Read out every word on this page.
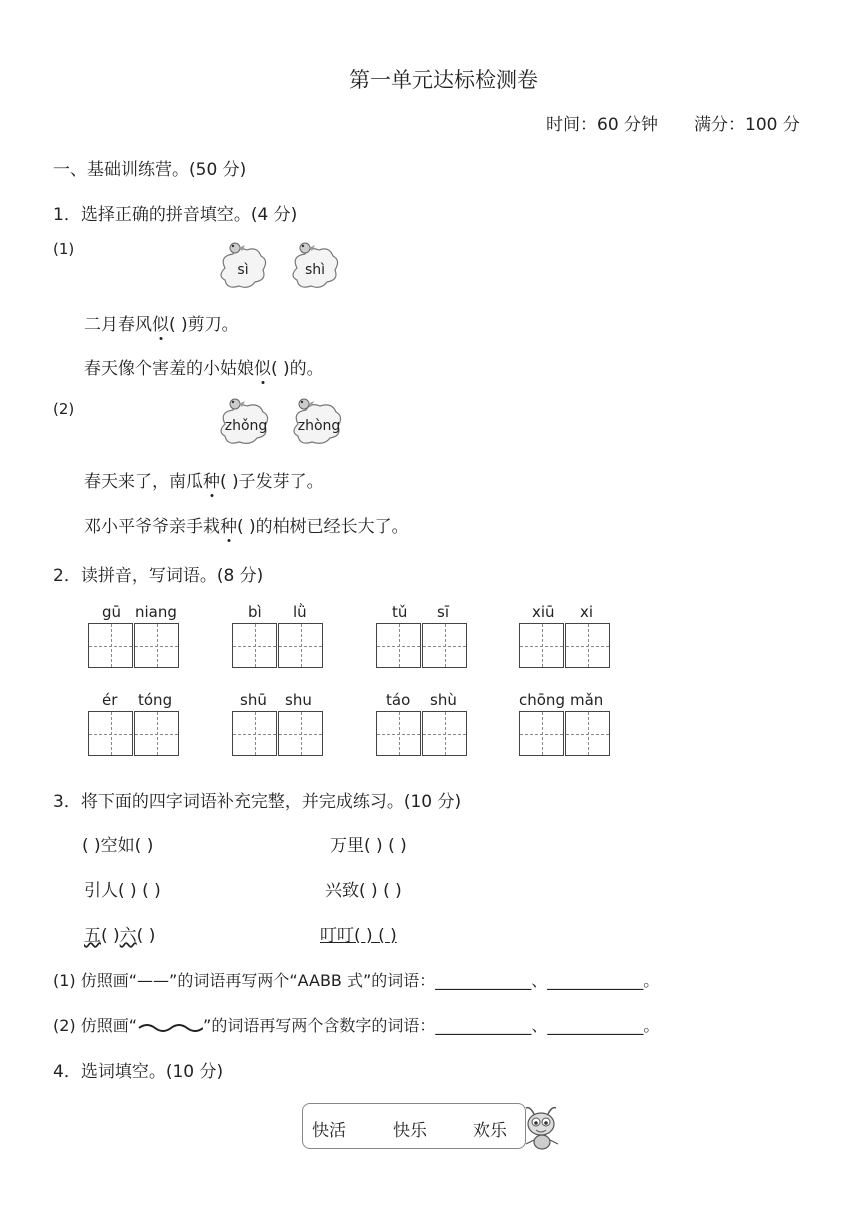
第一单元达标检测卷
时间：60 分钟 满分：100 分
一、基础训练营。(50 分)
1．选择正确的拼音填空。(4 分)
(1)
sì	shì
二月春风似( )剪刀。
春天像个害羞的小姑娘似( )的。
(2)
zhǒng	zhòng
春天来了，南瓜种( )子发芽了。
邓小平爷爷亲手栽种( )的柏树已经长大了。
2．读拼音，写词语。(8 分)
gū niang	bì lǜ	tǔ sī	xiū xi
ér tóng	shū shu	táo shù	chōng mǎn
3．将下面的四字词语补充完整，并完成练习。(10 分)
( )空如( )	万里( ) ( )
引人( ) ( )	兴致( ) ( )
五( )六( )	叮叮( ) ( )
(1) 仿照画“——”的词语再写两个“AABB 式”的词语：____________、____________。
(2) 仿照画“	”的词语再写两个含数字的词语：____________、____________。
4．选词填空。(10 分)
快活	快乐	欢乐
